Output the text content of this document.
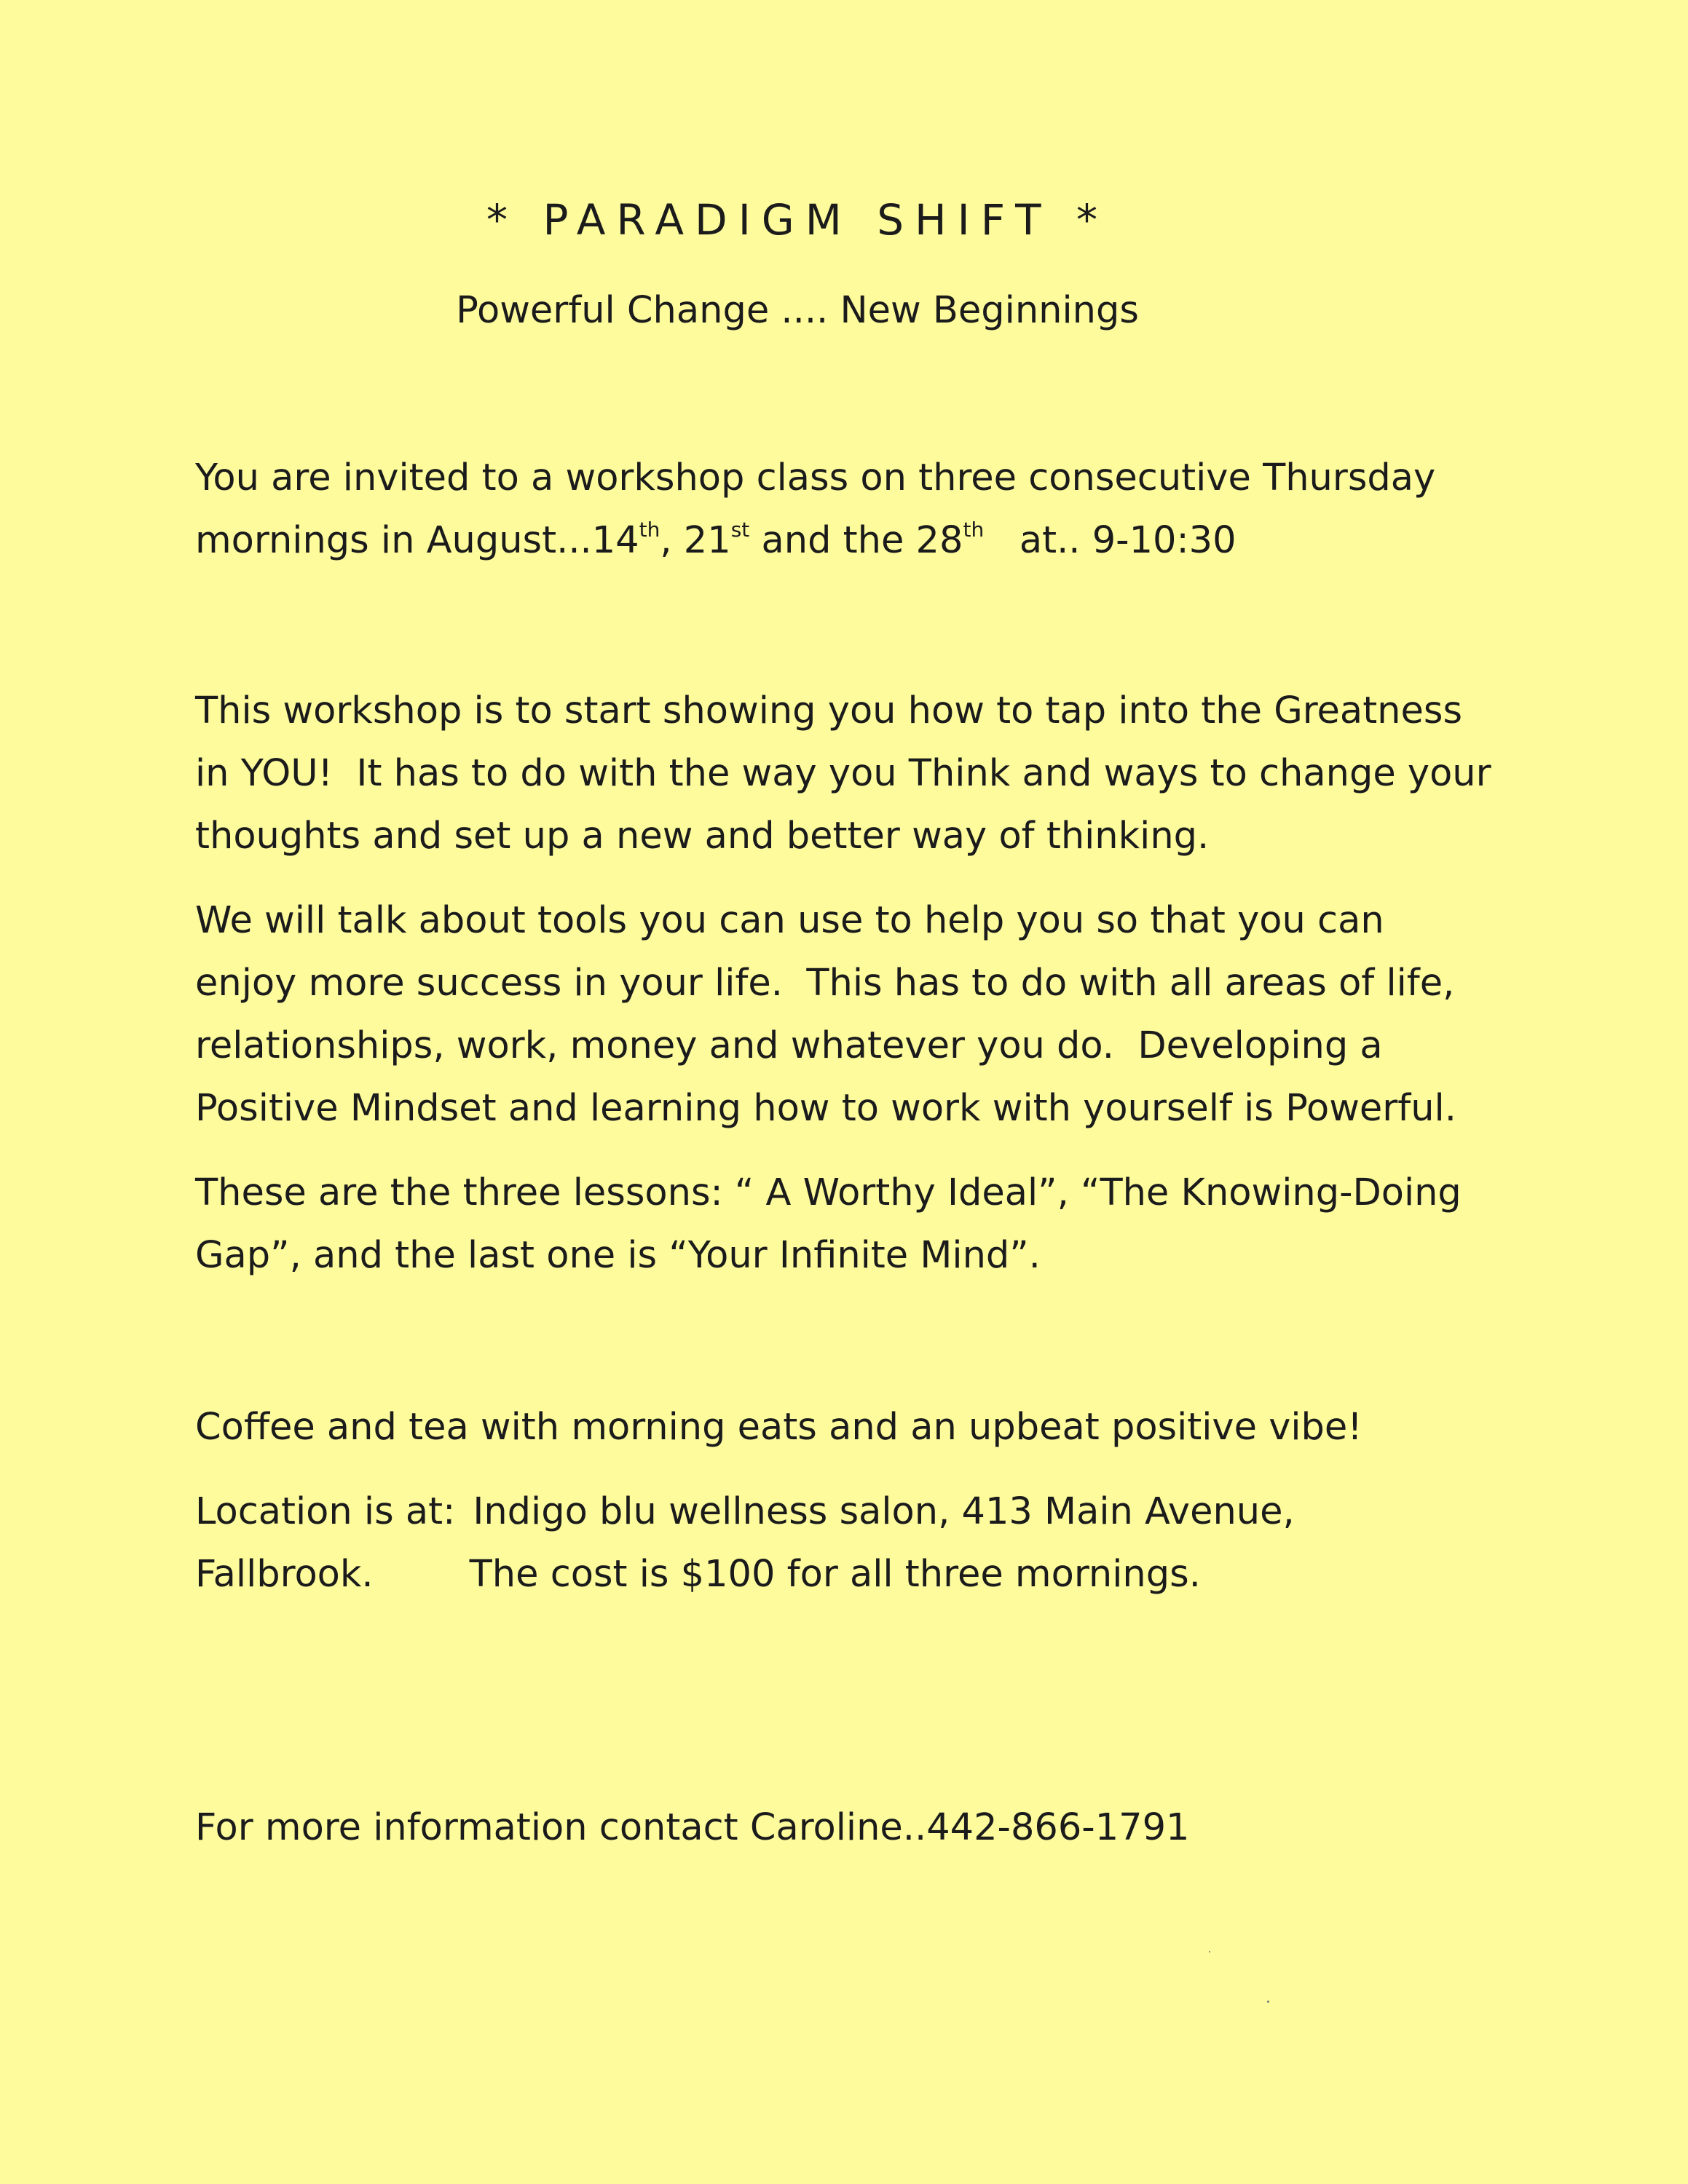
* PARADIGM SHIFT *
Powerful Change .... New Beginnings
You are invited to a workshop class on three consecutive Thursday
mornings in August...14th, 21st and the 28th   at.. 9-10:30

This workshop is to start showing you how to tap into the Greatness
in YOU!  It has to do with the way you Think and ways to change your
thoughts and set up a new and better way of thinking.

We will talk about tools you can use to help you so that you can
enjoy more success in your life.  This has to do with all areas of life,
relationships, work, money and whatever you do.  Developing a
Positive Mindset and learning how to work with yourself is Powerful.

These are the three lessons: “ A Worthy Ideal”, “The Knowing-Doing
Gap”, and the last one is “Your Infinite Mind”.

Coffee and tea with morning eats and an upbeat positive vibe!

Location is at: Indigo blu wellness salon, 413 Main Avenue,
Fallbrook.	The cost is $100 for all three mornings.

For more information contact Caroline..442-866-1791
